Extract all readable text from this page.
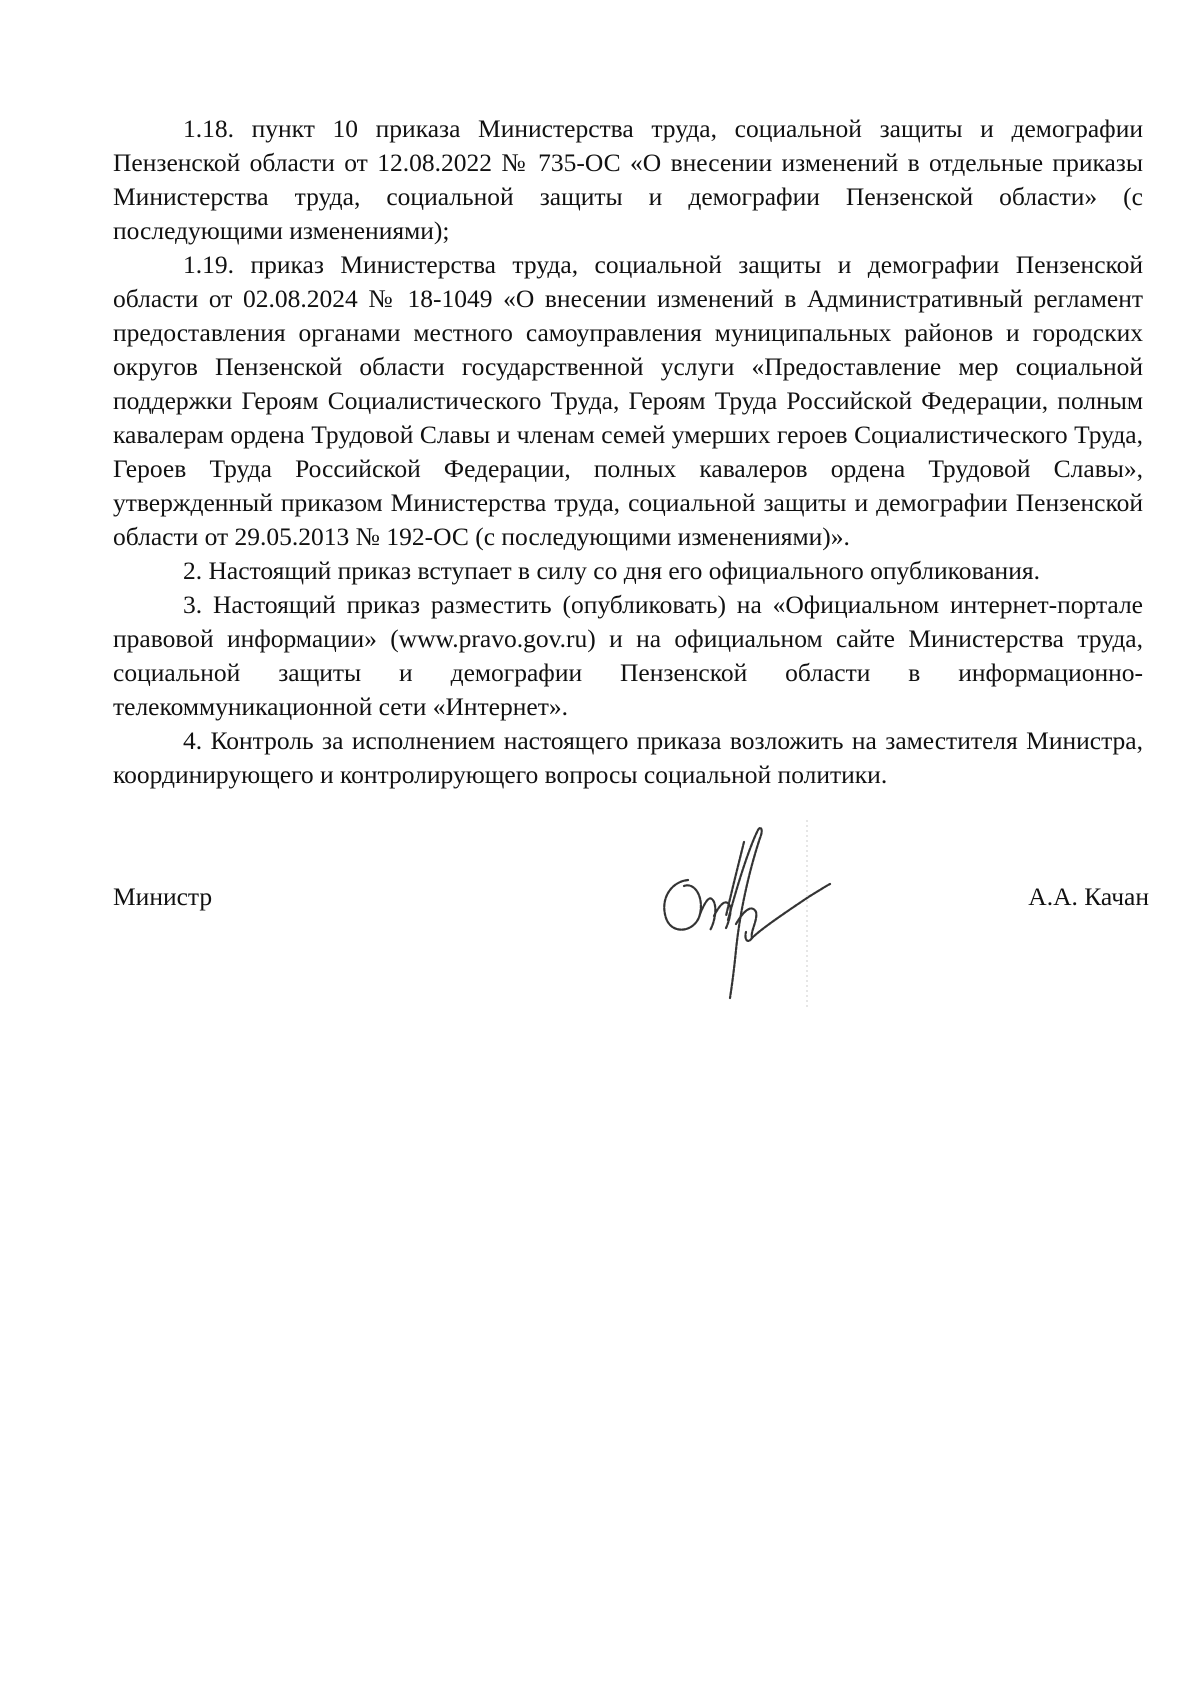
1.18. пункт 10 приказа Министерства труда, социальной защиты и демографии Пензенской области от 12.08.2022 № 735-ОС «О внесении изменений в отдельные приказы Министерства труда, социальной защиты и демографии Пензенской области» (с последующими изменениями);

1.19. приказ Министерства труда, социальной защиты и демографии Пензенской области от 02.08.2024 № 18-1049 «О внесении изменений в Административный регламент предоставления органами местного самоуправления муниципальных районов и городских округов Пензенской области государственной услуги «Предоставление мер социальной поддержки Героям Социалистического Труда, Героям Труда Российской Федерации, полным кавалерам ордена Трудовой Славы и членам семей умерших героев Социалистического Труда, Героев Труда Российской Федерации, полных кавалеров ордена Трудовой Славы», утвержденный приказом Министерства труда, социальной защиты и демографии Пензенской области от 29.05.2013 № 192-ОС (с последующими изменениями)».

2. Настоящий приказ вступает в силу со дня его официального опубликования.

3. Настоящий приказ разместить (опубликовать) на «Официальном интернет-портале правовой информации» (www.pravo.gov.ru) и на официальном сайте Министерства труда, социальной защиты и демографии Пензенской области в информационно-телекоммуникационной сети «Интернет».

4. Контроль за исполнением настоящего приказа возложить на заместителя Министра, координирующего и контролирующего вопросы социальной политики.

Министр	А.А. Качан
